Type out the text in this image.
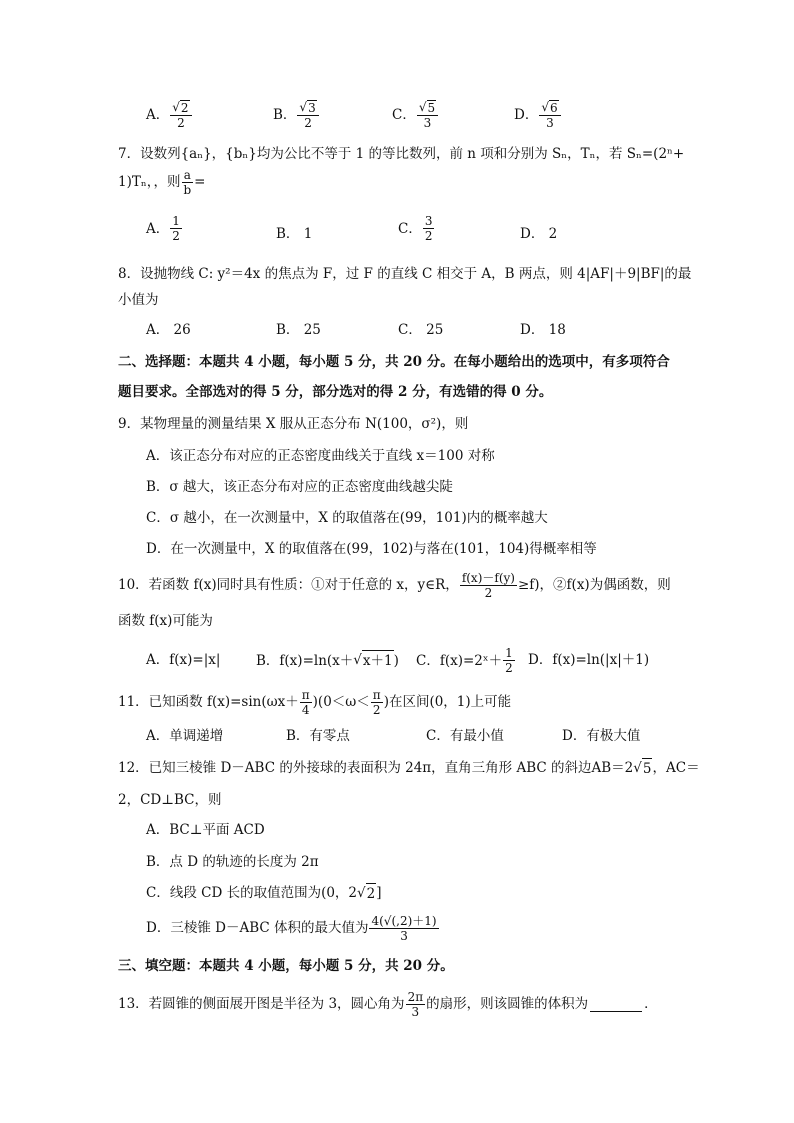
A． $\frac{√ 2}{2}$	B． $\frac{√ 3}{2}$	C． $\frac{√ 5}{3}$	D． $\frac{√ 6}{3}$
7．设数列{aₙ}，{bₙ}均为公比不等于 1 的等比数列，前 n 项和分别为 Sₙ，Tₙ，若 Sₙ=(2ⁿ+
1)Tₙ，，则 $\frac{a}{b}$ =
A． $\frac{1}{2}$	B．
1	C． $\frac{3}{2}$	D．
2
8．设抛物线 C: y²＝4x 的焦点为 F，过 F 的直线 C 相交于 A，B 两点，则 4|AF|＋9|BF|的最
小值为
A．
26	B．
25	C．
25	D．
18
二、选择题：本题共 4 小题，每小题 5 分，共 20 分。在每小题给出的选项中，有多项符合
题目要求。全部选对的得 5 分，部分选对的得 2 分，有选错的得 0 分。
9．某物理量的测量结果 X 服从正态分布 N(100，σ²)，则
A．该正态分布对应的正态密度曲线关于直线 x＝100 对称
B．σ 越大，该正态分布对应的正态密度曲线越尖陡
C．σ 越小，在一次测量中，X 的取值落在(99，101)内的概率越大
D．在一次测量中，X 的取值落在(99，102)与落在(101，104)得概率相等
10．若函数 f(x)同时具有性质：①对于任意的 x，y∈R， $\frac{f(x)-f(y)}{2} \ge f$)，②f(x)为偶函数，则
函数 f(x)可能为
A．f(x)=|x|	B．f(x)=ln(x＋ √ x＋1 ) C．f(x)=2ˣ＋ $\frac{1}{2}$ D．f(x)=ln(|x|＋1)
11．已知函数 $f(x)=\sin(\omega x+ \frac{\pi}{4} )(0<\omega< \frac{\pi}{2}$ )在区间(0，1)上可能
A．单调递增	B．有零点	C．有最小值	D．有极大值
12．已知三棱锥 D－ABC 的外接球的表面积为 24π，直角三角形 ABC 的斜边AB＝2√ 5 ，AC＝
2，CD⊥BC，则
A．BC⊥平面 ACD
B．点 D 的轨迹的长度为 2π
C．线段 CD 长的取值范围为(0，2√ 2 ]
D．三棱锥 D－ABC 体积的最大值为 $\frac{4(√(,2)+1)}{3}$
三、填空题：本题共 4 小题，每小题 5 分，共 20 分。
13．若圆锥的侧面展开图是半径为 3，圆心角为 $\frac{2\pi}{3}$ 的扇形，则该圆锥的体积为	．
